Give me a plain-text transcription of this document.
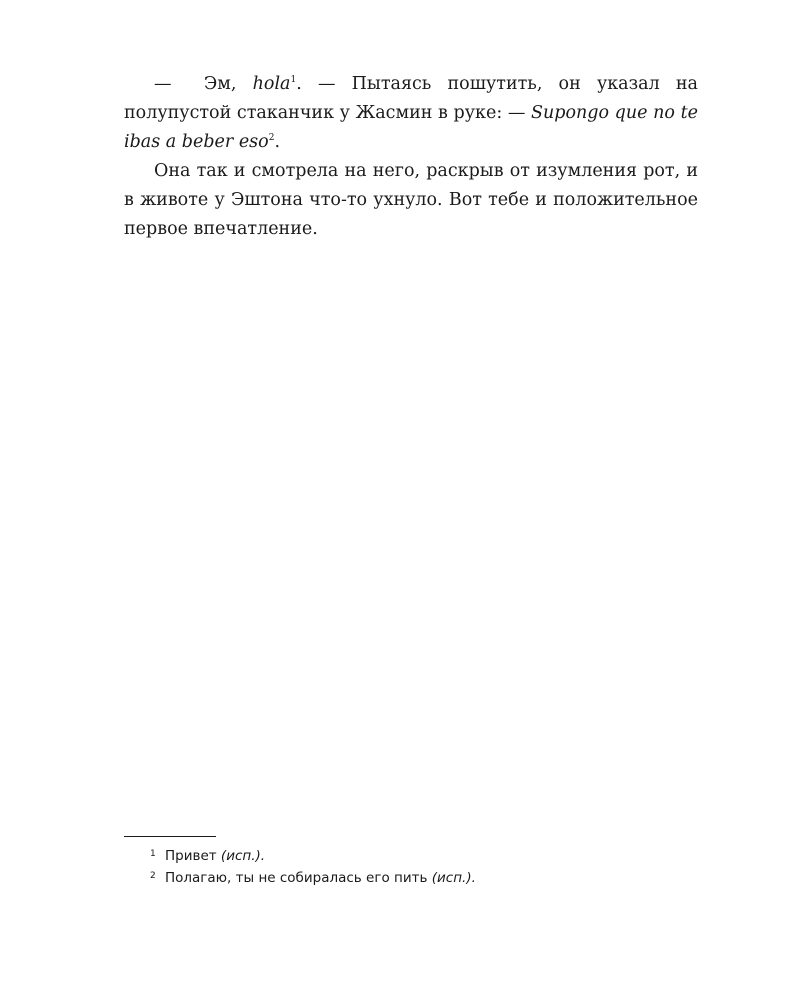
— Эм, hola$^1$. — Пытаясь пошутить, он указал на полупустой стаканчик у Жасмин в руке: — Supongo que no te ibas a beber eso$^2$.

Она так и смотрела на него, раскрыв от изумления рот, и в животе у Эштона что-то ухнуло. Вот тебе и положительное первое впечатление.

$^1$ Привет (исп.).
$^2$ Полагаю, ты не собиралась его пить (исп.).
